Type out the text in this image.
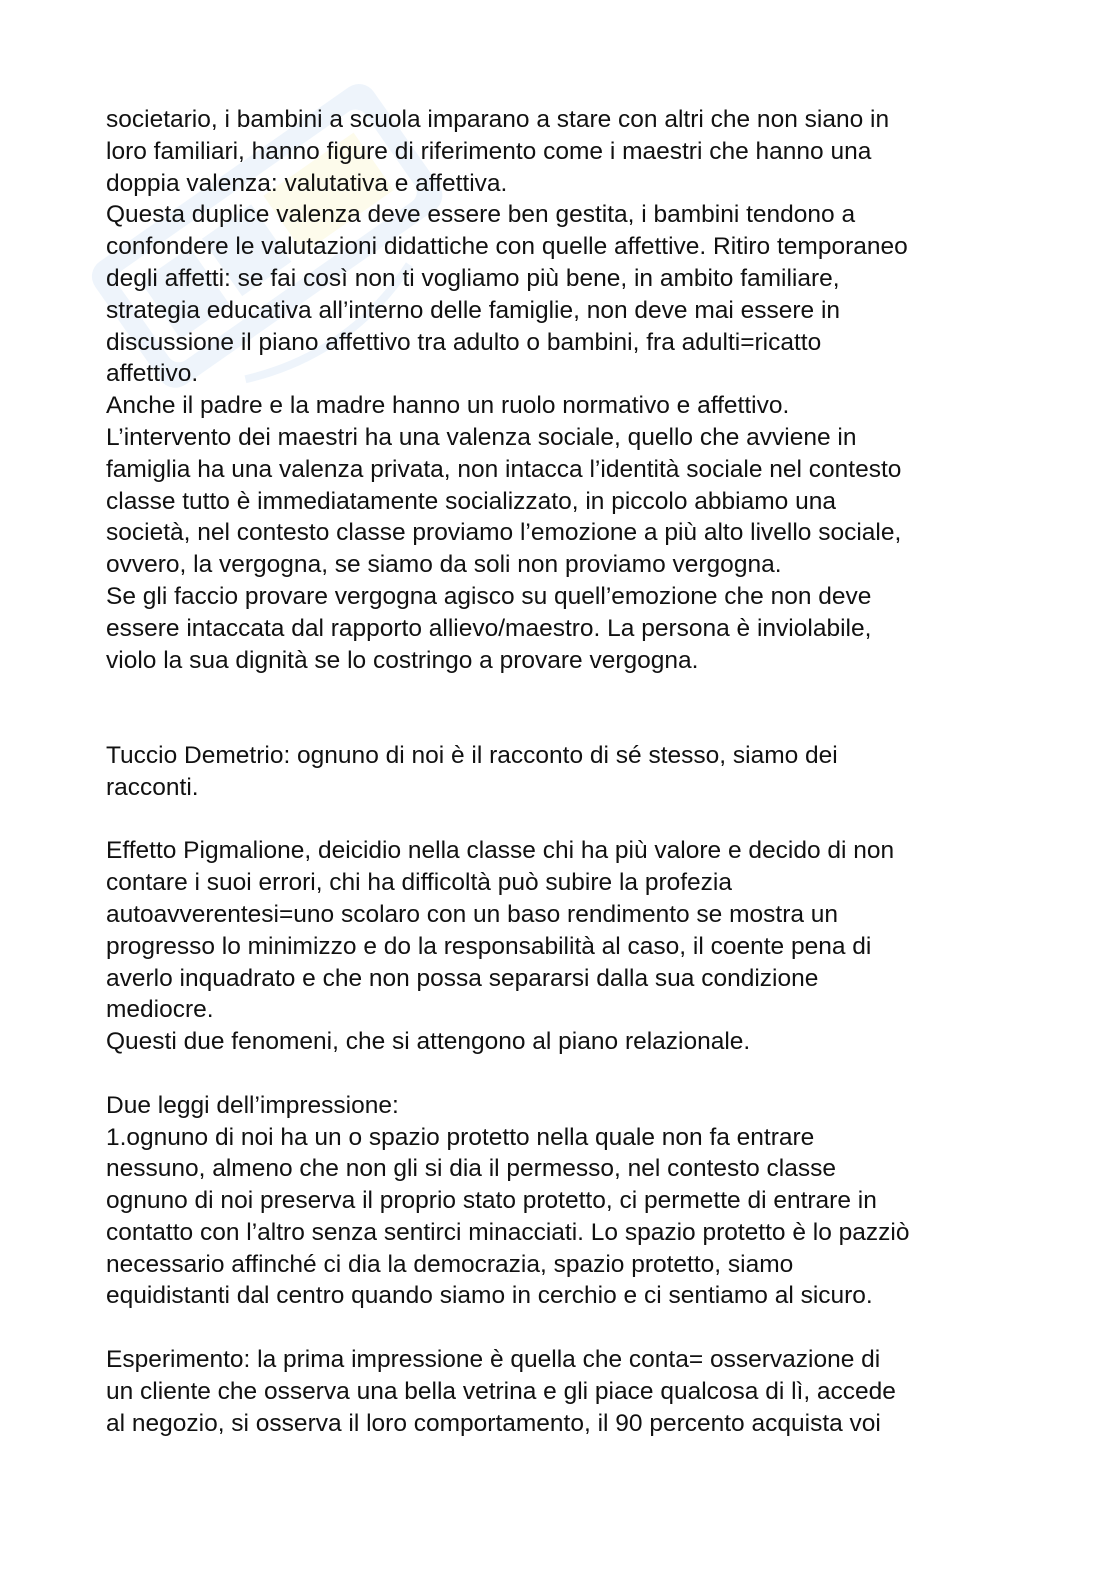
societario, i bambini a scuola imparano a stare con altri che non siano in

loro familiari, hanno figure di riferimento come i maestri che hanno una

doppia valenza: valutativa e affettiva.

Questa duplice valenza deve essere ben gestita, i bambini tendono a

confondere le valutazioni didattiche con quelle affettive. Ritiro temporaneo

degli affetti: se fai così non ti vogliamo più bene, in ambito familiare,

strategia educativa all’interno delle famiglie, non deve mai essere in

discussione il piano affettivo tra adulto o bambini, fra adulti=ricatto

affettivo.

Anche il padre e la madre hanno un ruolo normativo e affettivo.

L’intervento dei maestri ha una valenza sociale, quello che avviene in

famiglia ha una valenza privata, non intacca l’identità sociale nel contesto

classe tutto è immediatamente socializzato, in piccolo abbiamo una

società, nel contesto classe proviamo l’emozione a più alto livello sociale,

ovvero, la vergogna, se siamo da soli non proviamo vergogna.

Se gli faccio provare vergogna agisco su quell’emozione che non deve

essere intaccata dal rapporto allievo/maestro. La persona è inviolabile,

violo la sua dignità se lo costringo a provare vergogna.

Tuccio Demetrio: ognuno di noi è il racconto di sé stesso, siamo dei

racconti.

Effetto Pigmalione, deicidio nella classe chi ha più valore e decido di non

contare i suoi errori, chi ha difficoltà può subire la profezia

autoavverentesi=uno scolaro con un baso rendimento se mostra un

progresso lo minimizzo e do la responsabilità al caso, il coente pena di

averlo inquadrato e che non possa separarsi dalla sua condizione

mediocre.

Questi due fenomeni, che si attengono al piano relazionale.

Due leggi dell’impressione:

1.ognuno di noi ha un o spazio protetto nella quale non fa entrare

nessuno, almeno che non gli si dia il permesso, nel contesto classe

ognuno di noi preserva il proprio stato protetto, ci permette di entrare in

contatto con l’altro senza sentirci minacciati. Lo spazio protetto è lo pazziò

necessario affinché ci dia la democrazia, spazio protetto, siamo

equidistanti dal centro quando siamo in cerchio e ci sentiamo al sicuro.

Esperimento: la prima impressione è quella che conta= osservazione di

un cliente che osserva una bella vetrina e gli piace qualcosa di lì, accede

al negozio, si osserva il loro comportamento, il 90 percento acquista voi
